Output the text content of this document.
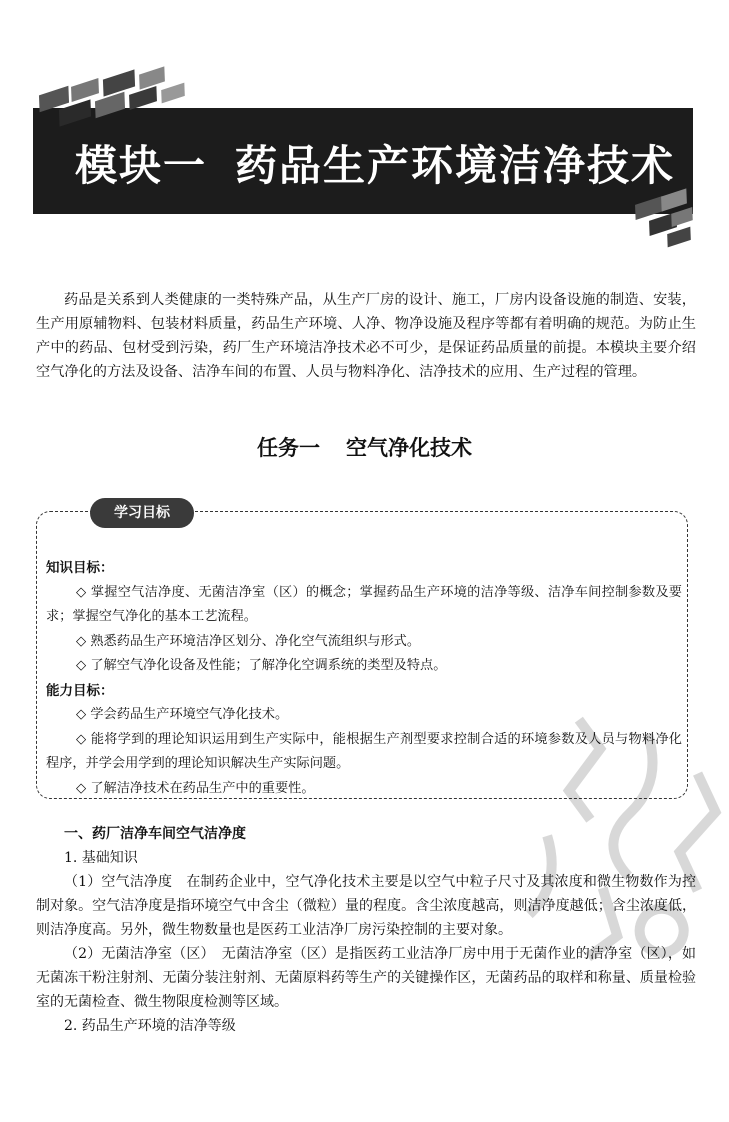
模块一 药品生产环境洁净技术

药品是关系到人类健康的一类特殊产品，从生产厂房的设计、施工，厂房内设备设施的制造、安装，生产用原辅物料、包装材料质量，药品生产环境、人净、物净设施及程序等都有着明确的规范。为防止生产中的药品、包材受到污染，药厂生产环境洁净技术必不可少，是保证药品质量的前提。本模块主要介绍空气净化的方法及设备、洁净车间的布置、人员与物料净化、洁净技术的应用、生产过程的管理。

任务一 空气净化技术
学习目标
知识目标：

◇ 掌握空气洁净度、无菌洁净室（区）的概念；掌握药品生产环境的洁净等级、洁净车间控制参数及要求；掌握空气净化的基本工艺流程。

◇ 熟悉药品生产环境洁净区划分、净化空气流组织与形式。

◇ 了解空气净化设备及性能；了解净化空调系统的类型及特点。

能力目标：

◇ 学会药品生产环境空气净化技术。

◇ 能将学到的理论知识运用到生产实际中，能根据生产剂型要求控制合适的环境参数及人员与物料净化程序，并学会用学到的理论知识解决生产实际问题。

◇ 了解洁净技术在药品生产中的重要性。

一、药厂洁净车间空气洁净度
1. 基础知识

（1）空气洁净度　在制药企业中，空气净化技术主要是以空气中粒子尺寸及其浓度和微生物数作为控制对象。空气洁净度是指环境空气中含尘（微粒）量的程度。含尘浓度越高，则洁净度越低；含尘浓度低，则洁净度高。另外，微生物数量也是医药工业洁净厂房污染控制的主要对象。

（2）无菌洁净室（区）　无菌洁净室（区）是指医药工业洁净厂房中用于无菌作业的洁净室（区），如无菌冻干粉注射剂、无菌分装注射剂、无菌原料药等生产的关键操作区，无菌药品的取样和称量、质量检验室的无菌检查、微生物限度检测等区域。

2. 药品生产环境的洁净等级
